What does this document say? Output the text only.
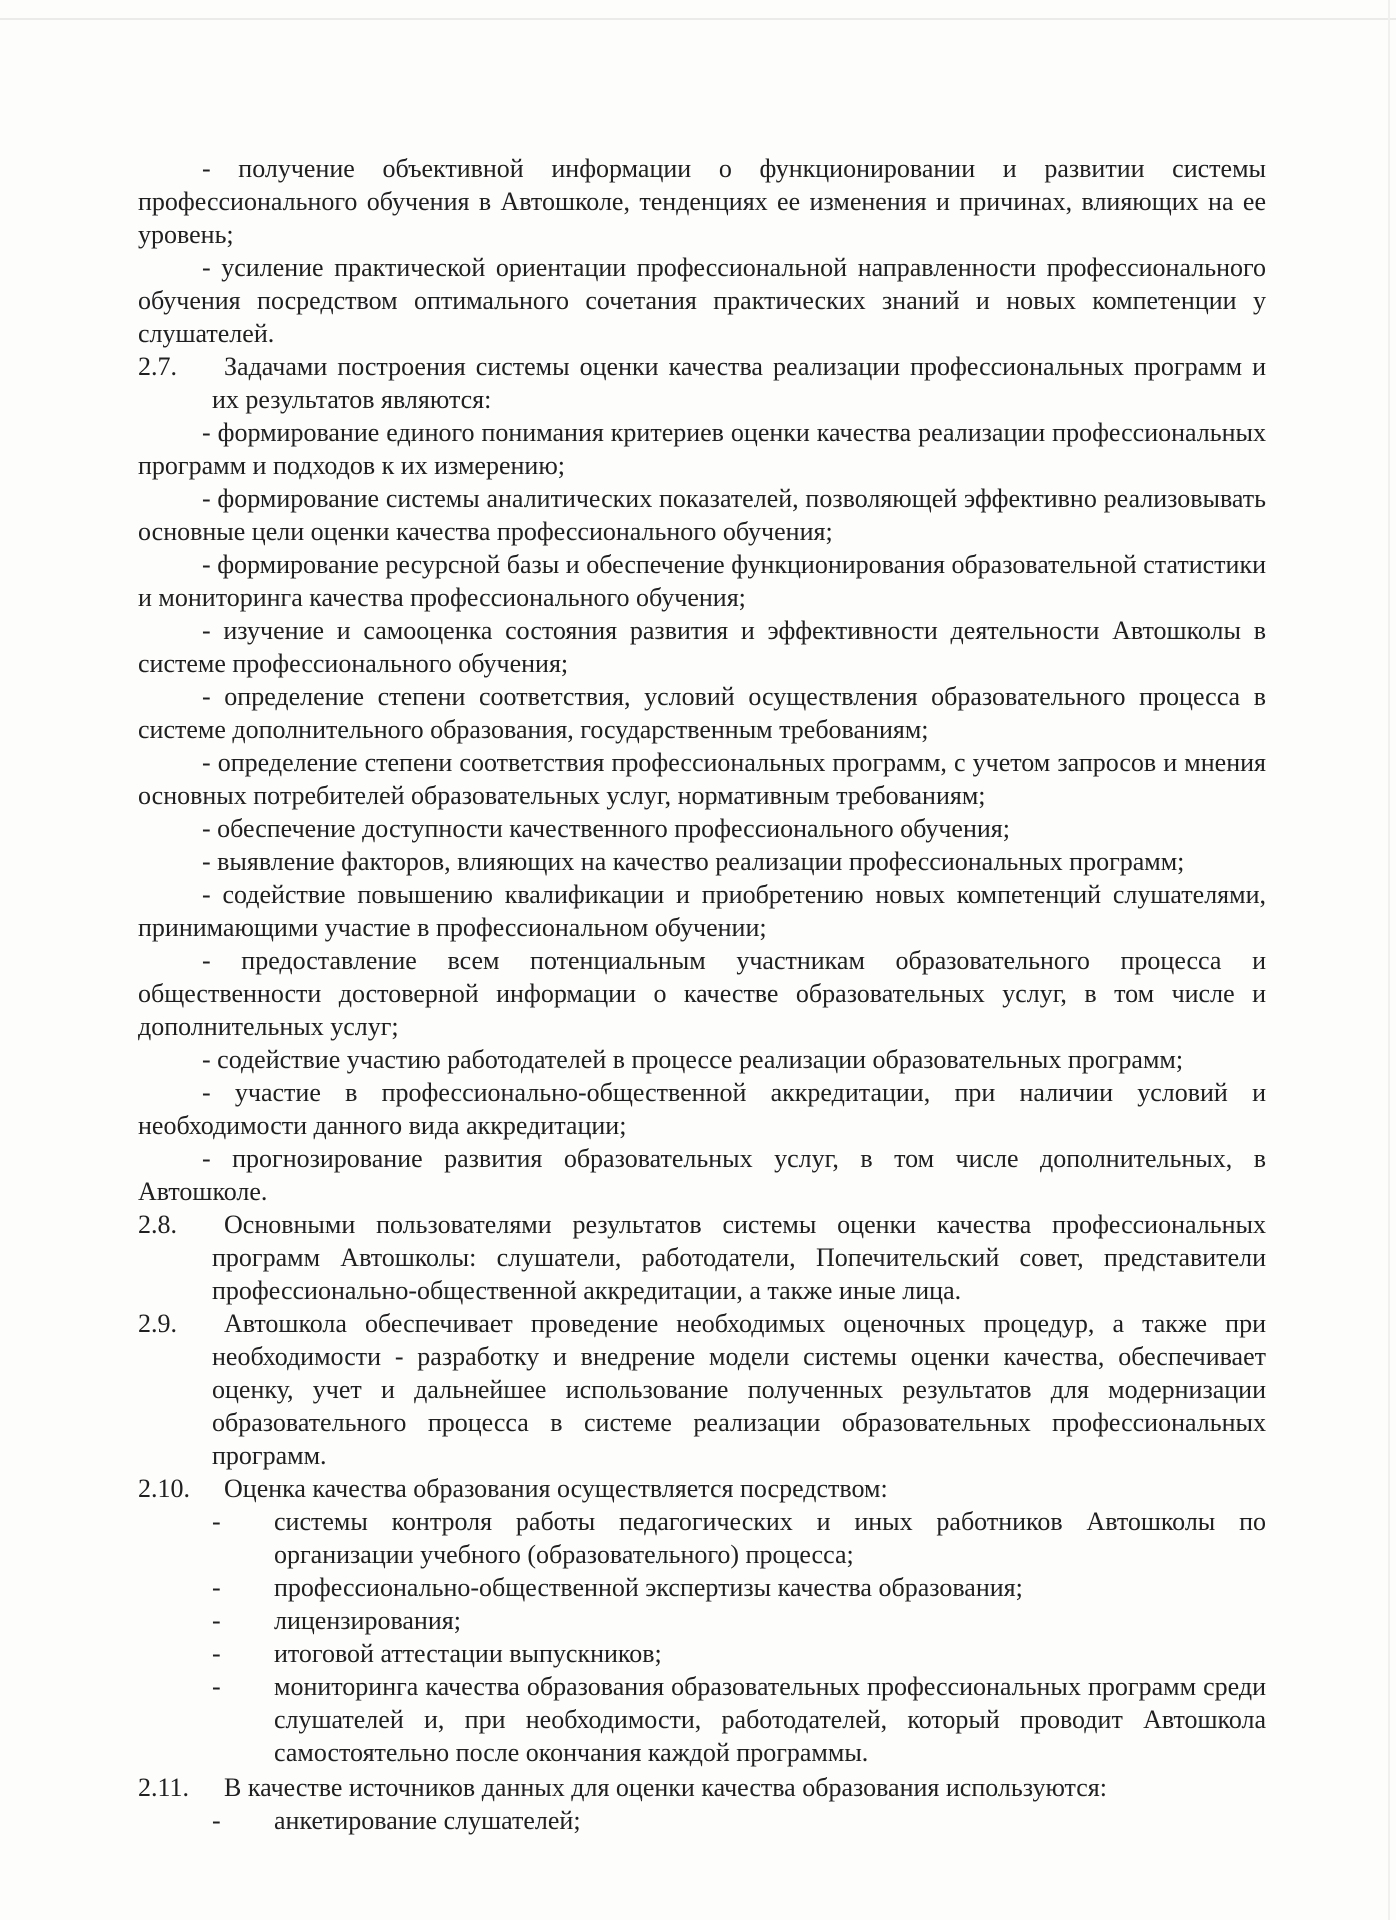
- получение объективной информации о функционировании и развитии системы профессионального обучения в Автошколе, тенденциях ее изменения и причинах, влияющих на ее уровень;

- усиление практической ориентации профессиональной направленности профессионального обучения посредством оптимального сочетания практических знаний и новых компетенции у слушателей.

2.7.	Задачами построения системы оценки качества реализации профессиональных программ и их результатов являются:

- формирование единого понимания критериев оценки качества реализации профессиональных программ и подходов к их измерению;

- формирование системы аналитических показателей, позволяющей эффективно реализовывать основные цели оценки качества профессионального обучения;

- формирование ресурсной базы и обеспечение функционирования образовательной статистики и мониторинга качества профессионального обучения;

- изучение и самооценка состояния развития и эффективности деятельности Автошколы в системе профессионального обучения;

- определение степени соответствия, условий осуществления образовательного процесса в системе дополнительного образования, государственным требованиям;

- определение степени соответствия профессиональных программ, с учетом запросов и мнения основных потребителей образовательных услуг, нормативным требованиям;

- обеспечение доступности качественного профессионального обучения;

- выявление факторов, влияющих на качество реализации профессиональных программ;

- содействие повышению квалификации и приобретению новых компетенций слушателями, принимающими участие в профессиональном обучении;

- предоставление всем потенциальным участникам образовательного процесса и общественности достоверной информации о качестве образовательных услуг, в том числе и дополнительных услуг;

- содействие участию работодателей в процессе реализации образовательных программ;

- участие в профессионально-общественной аккредитации, при наличии условий и необходимости данного вида аккредитации;

- прогнозирование развития образовательных услуг, в том числе дополнительных, в Автошколе.

2.8.	Основными пользователями результатов системы оценки качества профессиональных программ Автошколы: слушатели, работодатели, Попечительский совет, представители профессионально-общественной аккредитации, а также иные лица.

2.9.	Автошкола обеспечивает проведение необходимых оценочных процедур, а также при необходимости - разработку и внедрение модели системы оценки качества, обеспечивает оценку, учет и дальнейшее использование полученных результатов для модернизации образовательного процесса в системе реализации образовательных профессиональных программ.

2.10.	Оценка качества образования осуществляется посредством:

-	системы контроля работы педагогических и иных работников Автошколы по организации учебного (образовательного) процесса;

-	профессионально-общественной экспертизы качества образования;

-	лицензирования;

-	итоговой аттестации выпускников;

-	мониторинга качества образования образовательных профессиональных программ среди слушателей и, при необходимости, работодателей, который проводит Автошкола самостоятельно после окончания каждой программы.

2.11.	В качестве источников данных для оценки качества образования используются:

-	анкетирование слушателей;
